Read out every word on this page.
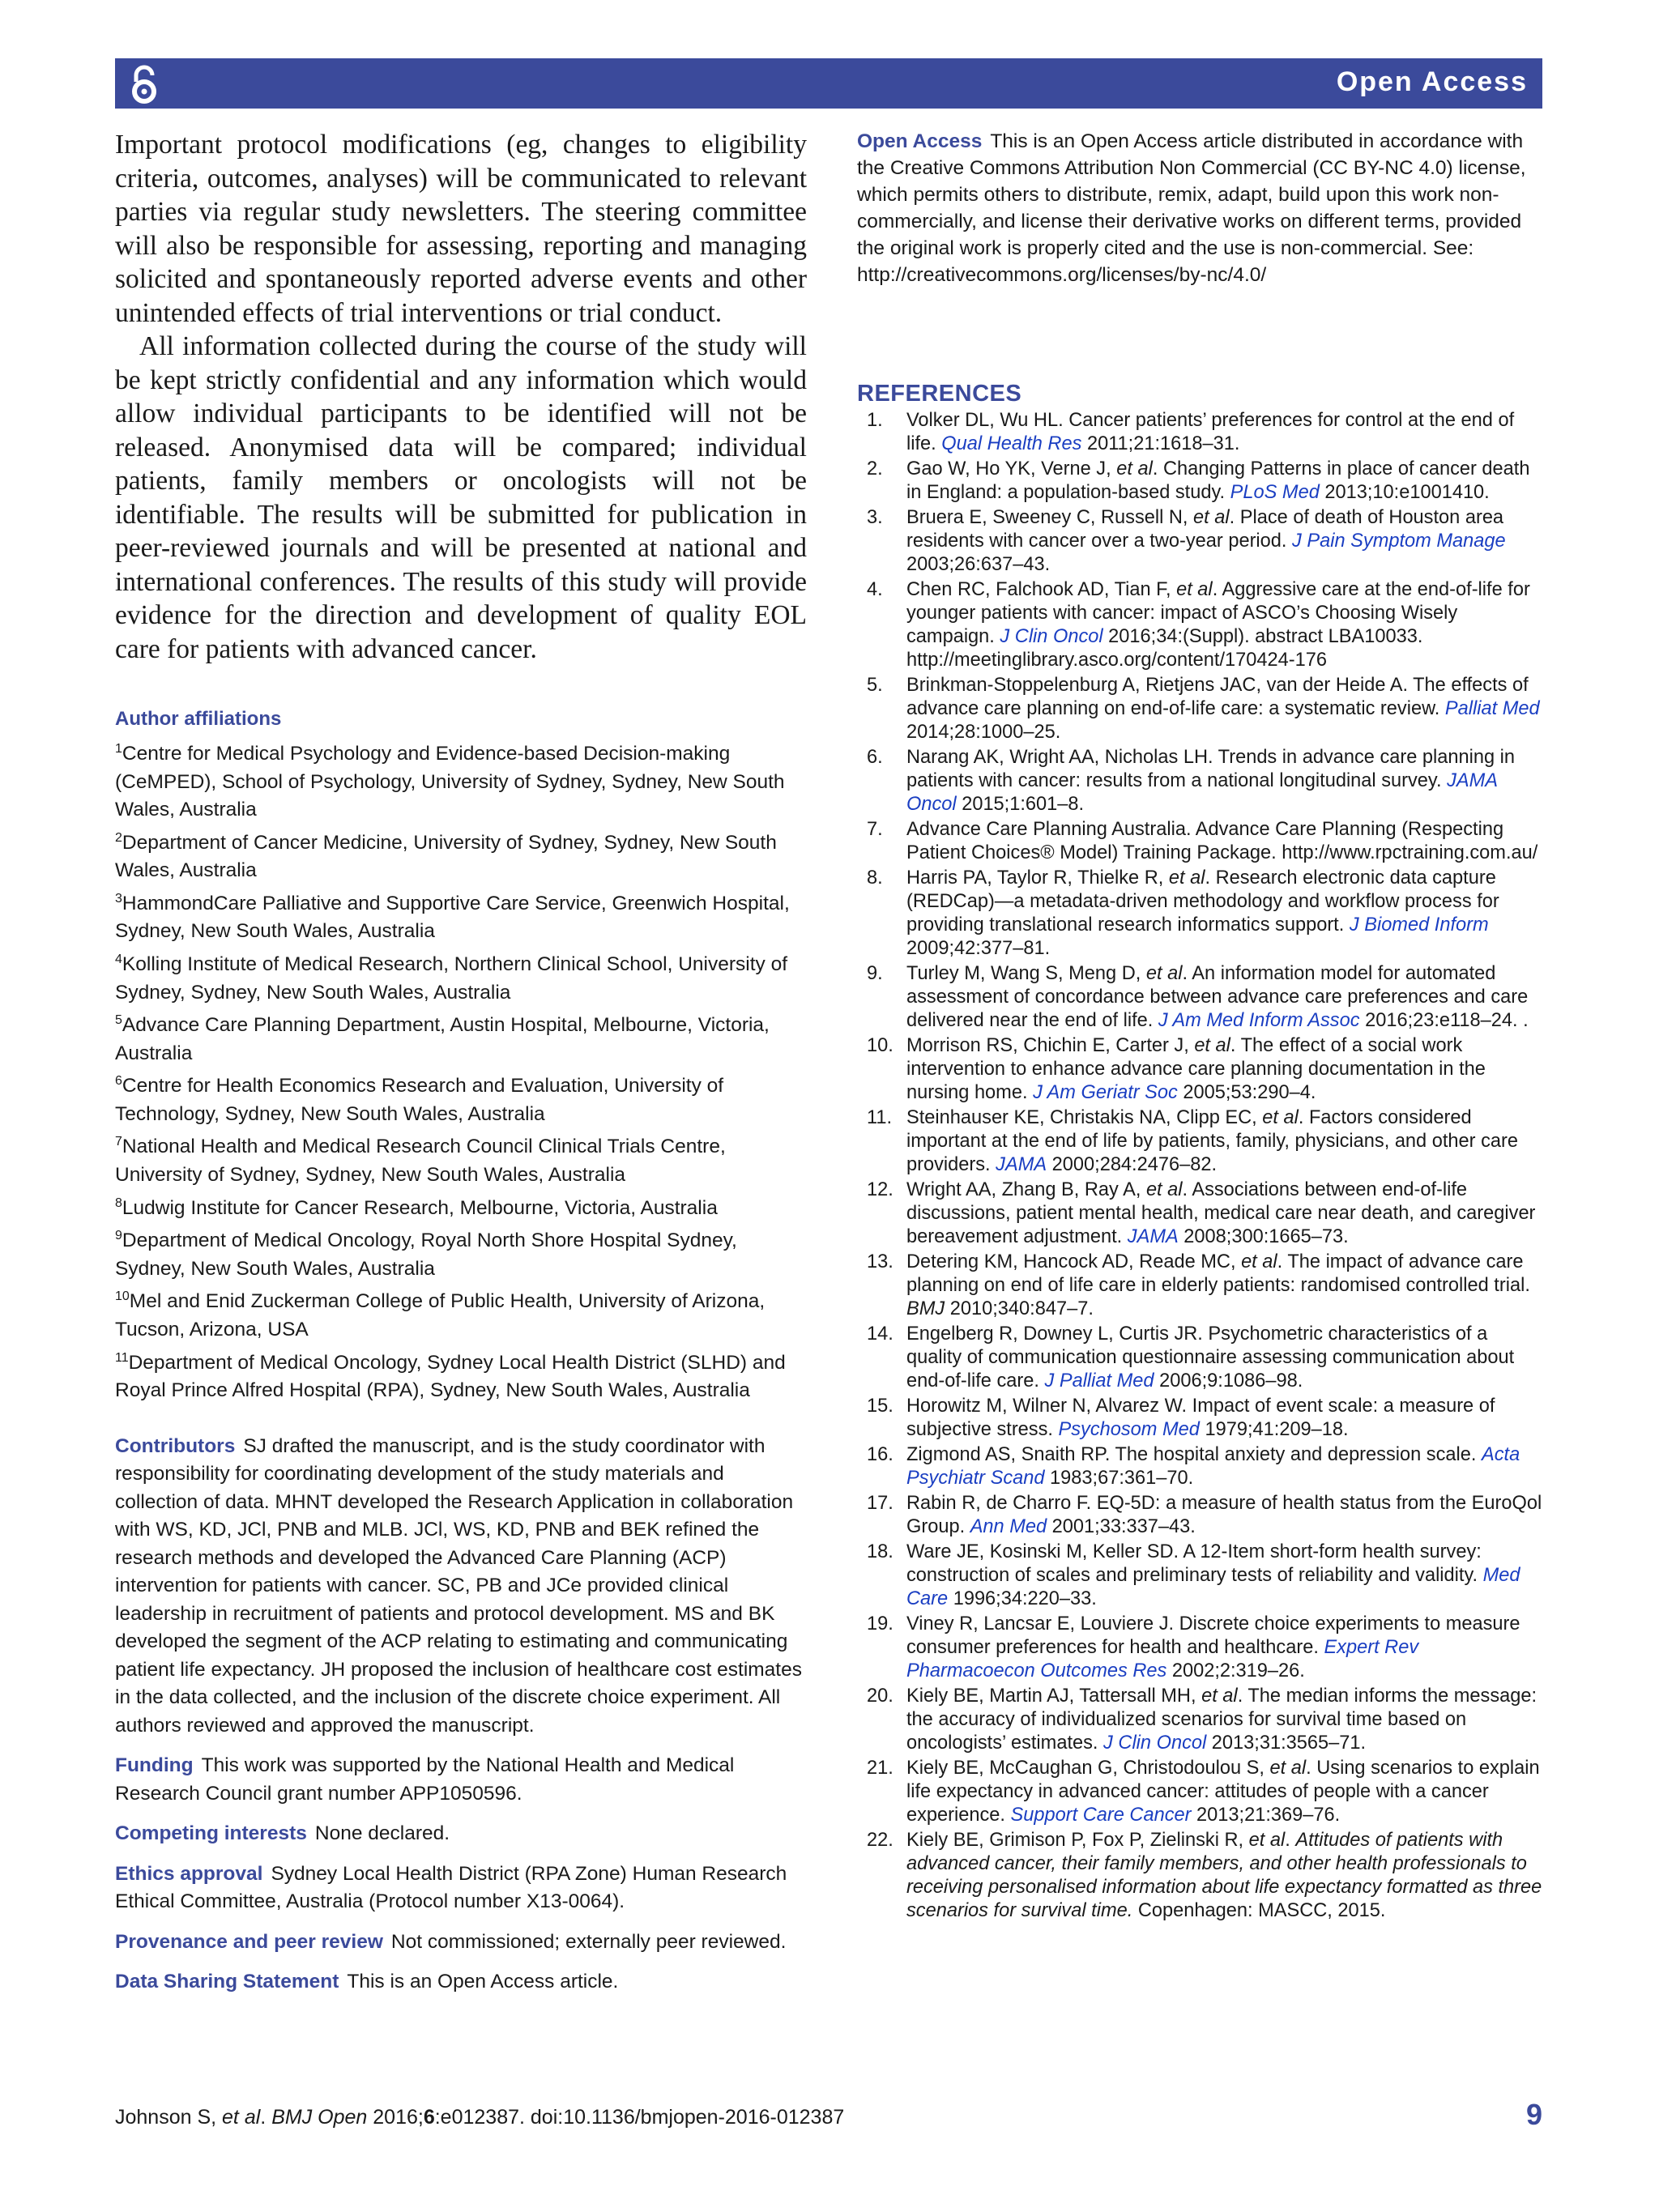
Open Access

Important protocol modifications (eg, changes to eligibility criteria, outcomes, analyses) will be communicated to relevant parties via regular study newsletters. The steering committee will also be responsible for assessing, reporting and managing solicited and spontaneously reported adverse events and other unintended effects of trial interventions or trial conduct.

All information collected during the course of the study will be kept strictly confidential and any information which would allow individual participants to be identified will not be released. Anonymised data will be compared; individual patients, family members or oncologists will not be identifiable. The results will be submitted for publication in peer-reviewed journals and will be presented at national and international conferences. The results of this study will provide evidence for the direction and development of quality EOL care for patients with advanced cancer.

Author affiliations

$^1$Centre for Medical Psychology and Evidence-based Decision-making (CeMPED), School of Psychology, University of Sydney, Sydney, New South Wales, Australia

$^2$Department of Cancer Medicine, University of Sydney, Sydney, New South Wales, Australia

$^3$HammondCare Palliative and Supportive Care Service, Greenwich Hospital, Sydney, New South Wales, Australia

$^4$Kolling Institute of Medical Research, Northern Clinical School, University of Sydney, Sydney, New South Wales, Australia

$^5$Advance Care Planning Department, Austin Hospital, Melbourne, Victoria, Australia

$^6$Centre for Health Economics Research and Evaluation, University of Technology, Sydney, New South Wales, Australia

$^7$National Health and Medical Research Council Clinical Trials Centre, University of Sydney, Sydney, New South Wales, Australia

$^8$Ludwig Institute for Cancer Research, Melbourne, Victoria, Australia

$^9$Department of Medical Oncology, Royal North Shore Hospital Sydney, Sydney, New South Wales, Australia

$^{10}$Mel and Enid Zuckerman College of Public Health, University of Arizona, Tucson, Arizona, USA

$^{11}$Department of Medical Oncology, Sydney Local Health District (SLHD) and Royal Prince Alfred Hospital (RPA), Sydney, New South Wales, Australia

Contributors SJ drafted the manuscript, and is the study coordinator with responsibility for coordinating development of the study materials and collection of data. MHNT developed the Research Application in collaboration with WS, KD, JCl, PNB and MLB. JCl, WS, KD, PNB and BEK refined the research methods and developed the Advanced Care Planning (ACP) intervention for patients with cancer. SC, PB and JCe provided clinical leadership in recruitment of patients and protocol development. MS and BK developed the segment of the ACP relating to estimating and communicating patient life expectancy. JH proposed the inclusion of healthcare cost estimates in the data collected, and the inclusion of the discrete choice experiment. All authors reviewed and approved the manuscript.

Funding This work was supported by the National Health and Medical Research Council grant number APP1050596.

Competing interests None declared.

Ethics approval Sydney Local Health District (RPA Zone) Human Research Ethical Committee, Australia (Protocol number X13-0064).

Provenance and peer review Not commissioned; externally peer reviewed.

Data Sharing Statement This is an Open Access article.

Open Access This is an Open Access article distributed in accordance with the Creative Commons Attribution Non Commercial (CC BY-NC 4.0) license, which permits others to distribute, remix, adapt, build upon this work non-commercially, and license their derivative works on different terms, provided the original work is properly cited and the use is non-commercial. See: http://creativecommons.org/licenses/by-nc/4.0/

REFERENCES

1.	Volker DL, Wu HL. Cancer patients’ preferences for control at the end of life. Qual Health Res 2011;21:1618–31.
2.	Gao W, Ho YK, Verne J, et al. Changing Patterns in place of cancer death in England: a population-based study. PLoS Med 2013;10:e1001410.
3.	Bruera E, Sweeney C, Russell N, et al. Place of death of Houston area residents with cancer over a two-year period. J Pain Symptom Manage 2003;26:637–43.
4.	Chen RC, Falchook AD, Tian F, et al. Aggressive care at the end-of-life for younger patients with cancer: impact of ASCO’s Choosing Wisely campaign. J Clin Oncol 2016;34:(Suppl). abstract LBA10033. http://meetinglibrary.asco.org/content/170424-176
5.	Brinkman-Stoppelenburg A, Rietjens JAC, van der Heide A. The effects of advance care planning on end-of-life care: a systematic review. Palliat Med 2014;28:1000–25.
6.	Narang AK, Wright AA, Nicholas LH. Trends in advance care planning in patients with cancer: results from a national longitudinal survey. JAMA Oncol 2015;1:601–8.
7.	Advance Care Planning Australia. Advance Care Planning (Respecting Patient Choices® Model) Training Package. http://www.rpctraining.com.au/
8.	Harris PA, Taylor R, Thielke R, et al. Research electronic data capture (REDCap)—a metadata-driven methodology and workflow process for providing translational research informatics support. J Biomed Inform 2009;42:377–81.
9.	Turley M, Wang S, Meng D, et al. An information model for automated assessment of concordance between advance care preferences and care delivered near the end of life. J Am Med Inform Assoc 2016;23:e118–24. .
10. Morrison RS, Chichin E, Carter J, et al. The effect of a social work intervention to enhance advance care planning documentation in the nursing home. J Am Geriatr Soc 2005;53:290–4.
11. Steinhauser KE, Christakis NA, Clipp EC, et al. Factors considered important at the end of life by patients, family, physicians, and other care providers. JAMA 2000;284:2476–82.
12. Wright AA, Zhang B, Ray A, et al. Associations between end-of-life discussions, patient mental health, medical care near death, and caregiver bereavement adjustment. JAMA 2008;300:1665–73.
13. Detering KM, Hancock AD, Reade MC, et al. The impact of advance care planning on end of life care in elderly patients: randomised controlled trial. BMJ 2010;340:847–7.
14. Engelberg R, Downey L, Curtis JR. Psychometric characteristics of a quality of communication questionnaire assessing communication about end-of-life care. J Palliat Med 2006;9:1086–98.
15. Horowitz M, Wilner N, Alvarez W. Impact of event scale: a measure of subjective stress. Psychosom Med 1979;41:209–18.
16. Zigmond AS, Snaith RP. The hospital anxiety and depression scale. Acta Psychiatr Scand 1983;67:361–70.
17. Rabin R, de Charro F. EQ-5D: a measure of health status from the EuroQol Group. Ann Med 2001;33:337–43.
18. Ware JE, Kosinski M, Keller SD. A 12-Item short-form health survey: construction of scales and preliminary tests of reliability and validity. Med Care 1996;34:220–33.
19. Viney R, Lancsar E, Louviere J. Discrete choice experiments to measure consumer preferences for health and healthcare. Expert Rev Pharmacoecon Outcomes Res 2002;2:319–26.
20. Kiely BE, Martin AJ, Tattersall MH, et al. The median informs the message: the accuracy of individualized scenarios for survival time based on oncologists’ estimates. J Clin Oncol 2013;31:3565–71.
21. Kiely BE, McCaughan G, Christodoulou S, et al. Using scenarios to explain life expectancy in advanced cancer: attitudes of people with a cancer experience. Support Care Cancer 2013;21:369–76.
22. Kiely BE, Grimison P, Fox P, Zielinski R, et al. Attitudes of patients with advanced cancer, their family members, and other health professionals to receiving personalised information about life expectancy formatted as three scenarios for survival time. Copenhagen: MASCC, 2015.
Johnson S, et al. BMJ Open 2016;6:e012387. doi:10.1136/bmjopen-2016-012387	9
